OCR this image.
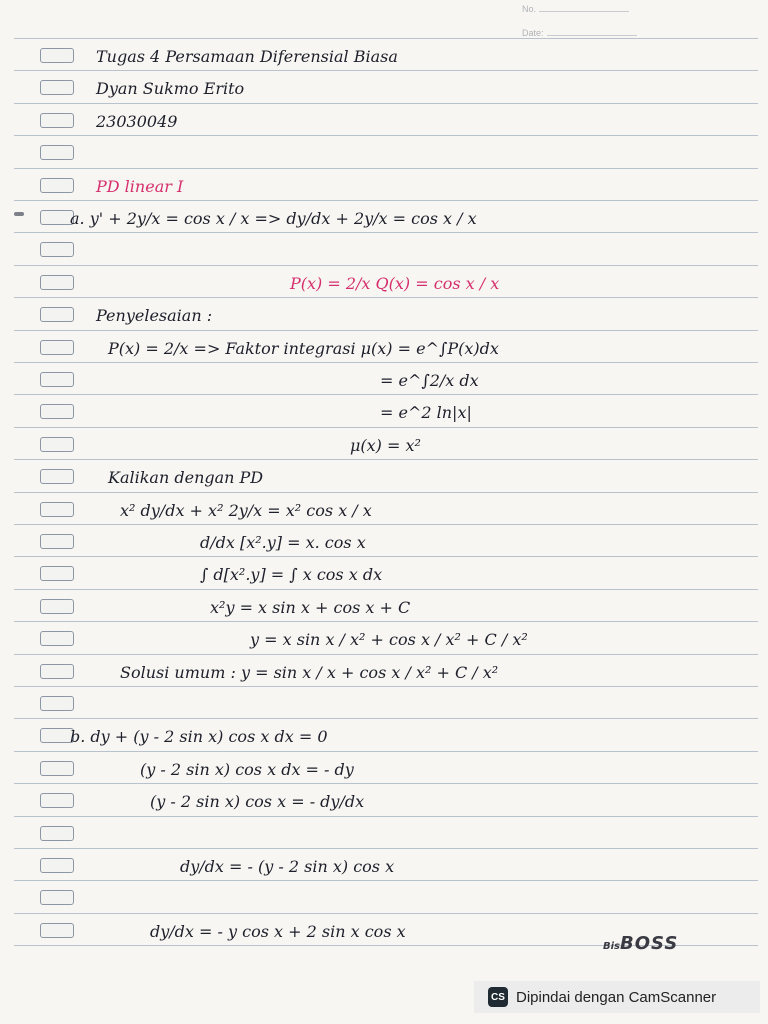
No.
Date:
Tugas 4 Persamaan Diferensial Biasa
Dyan Sukmo Erito
23030049
PD linear I
a. y' + 2y/x = cos x / x => dy/dx + 2y/x = cos x / x
P(x) = 2/x Q(x) = cos x / x
Penyelesaian :
P(x) = 2/x => Faktor integrasi μ(x) = e^∫P(x)dx
= e^∫2/x dx
= e^2 ln|x|
μ(x) = x²
Kalikan dengan PD
x² dy/dx + x² 2y/x = x² cos x / x
d/dx [x².y] = x. cos x
∫ d[x².y] = ∫ x cos x dx
x²y = x sin x + cos x + C
y = x sin x / x² + cos x / x² + C / x²
Solusi umum : y = sin x / x + cos x / x² + C / x²
b. dy + (y - 2 sin x) cos x dx = 0
(y - 2 sin x) cos x dx = - dy
(y - 2 sin x) cos x = - dy/dx
dy/dx = - (y - 2 sin x) cos x
dy/dx = - y cos x + 2 sin x cos x
BisBOSS
CS Dipindai dengan CamScanner
